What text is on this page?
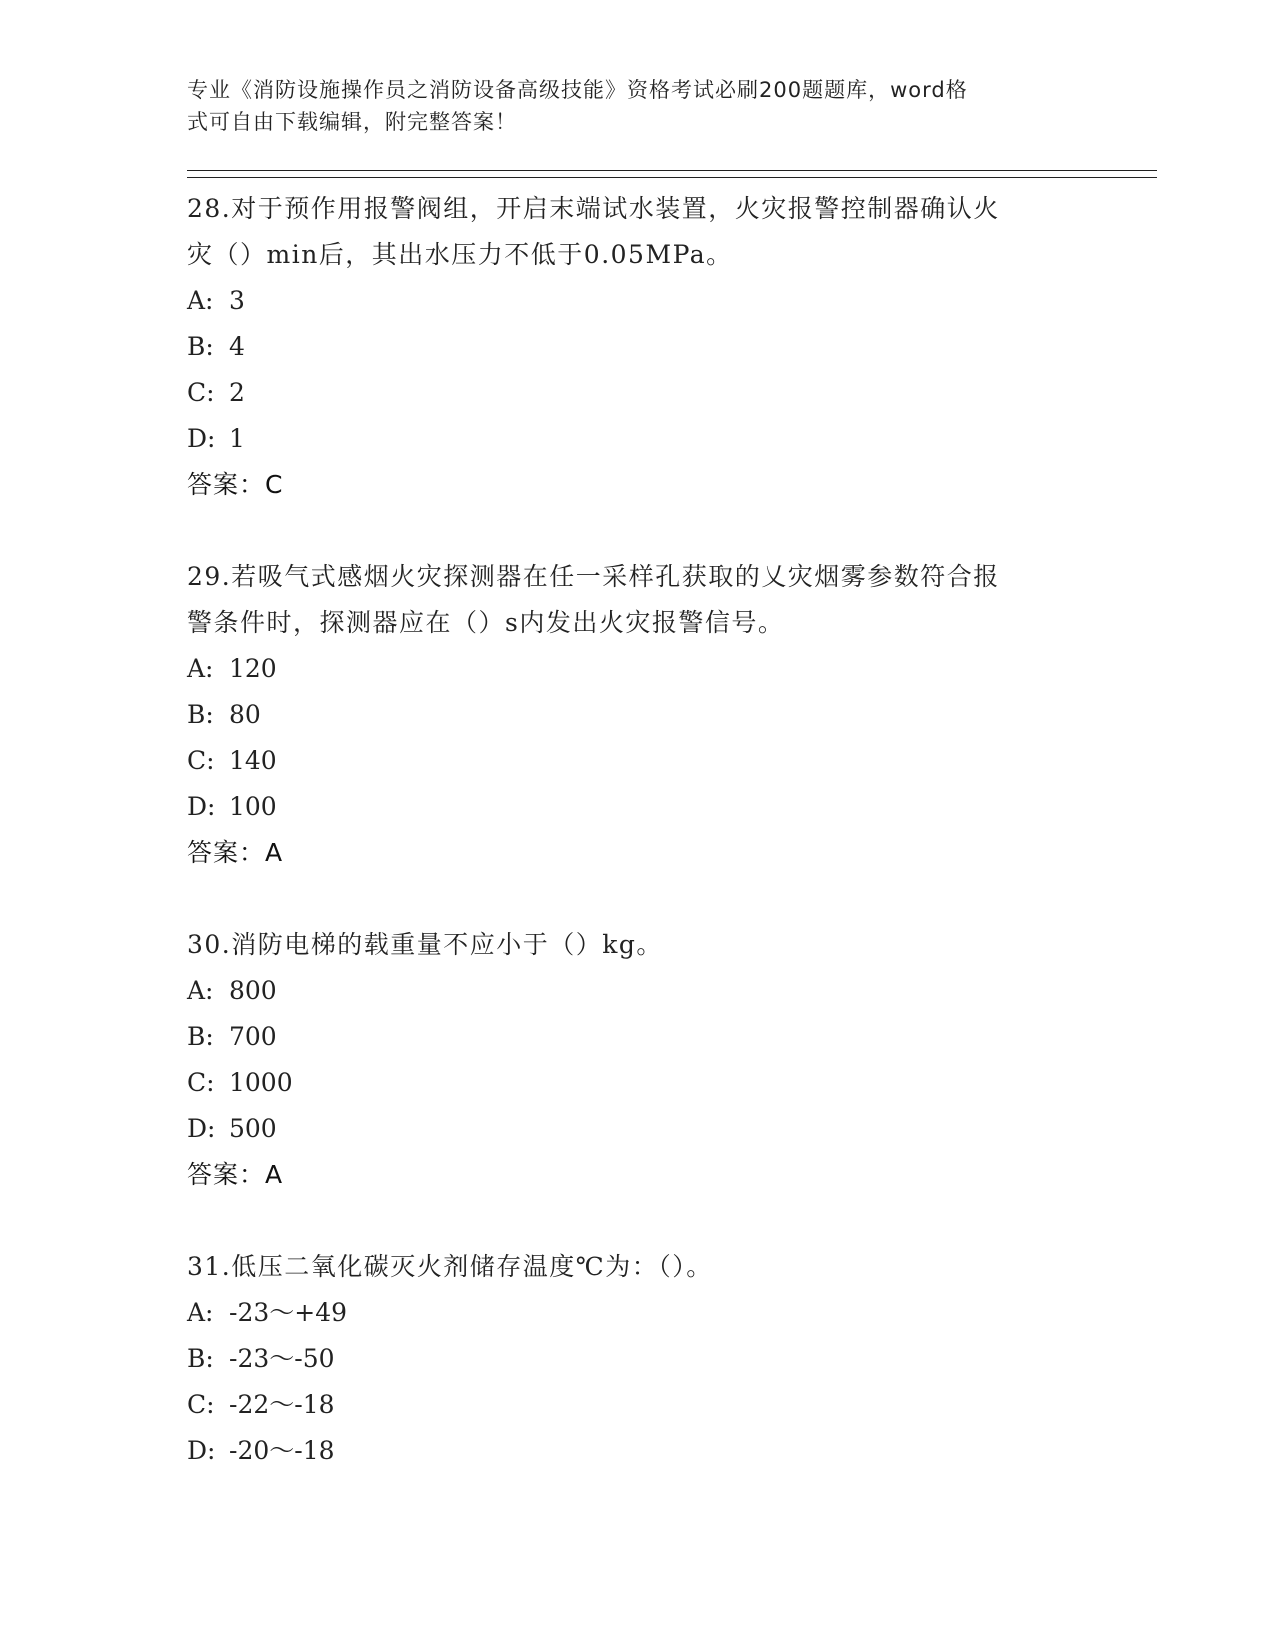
专业《消防设施操作员之消防设备高级技能》资格考试必刷200题题库，word格
式可自由下载编辑，附完整答案！
28.对于预作用报警阀组，开启末端试水装置，火灾报警控制器确认火
灾（）min后，其出水压力不低于0.05MPa。
A: 3
B: 4
C: 2
D: 1
答案：C
29.若吸气式感烟火灾探测器在任一采样孔获取的乂灾烟雾参数符合报
警条件时，探测器应在（）s内发出火灾报警信号。
A: 120
B: 80
C: 140
D: 100
答案：A
30.消防电梯的载重量不应小于（）kg。
A: 800
B: 700
C: 1000
D: 500
答案：A
31.低压二氧化碳灭火剂储存温度℃为：（）。
A: -23～+49
B: -23～-50
C: -22～-18
D: -20～-18
